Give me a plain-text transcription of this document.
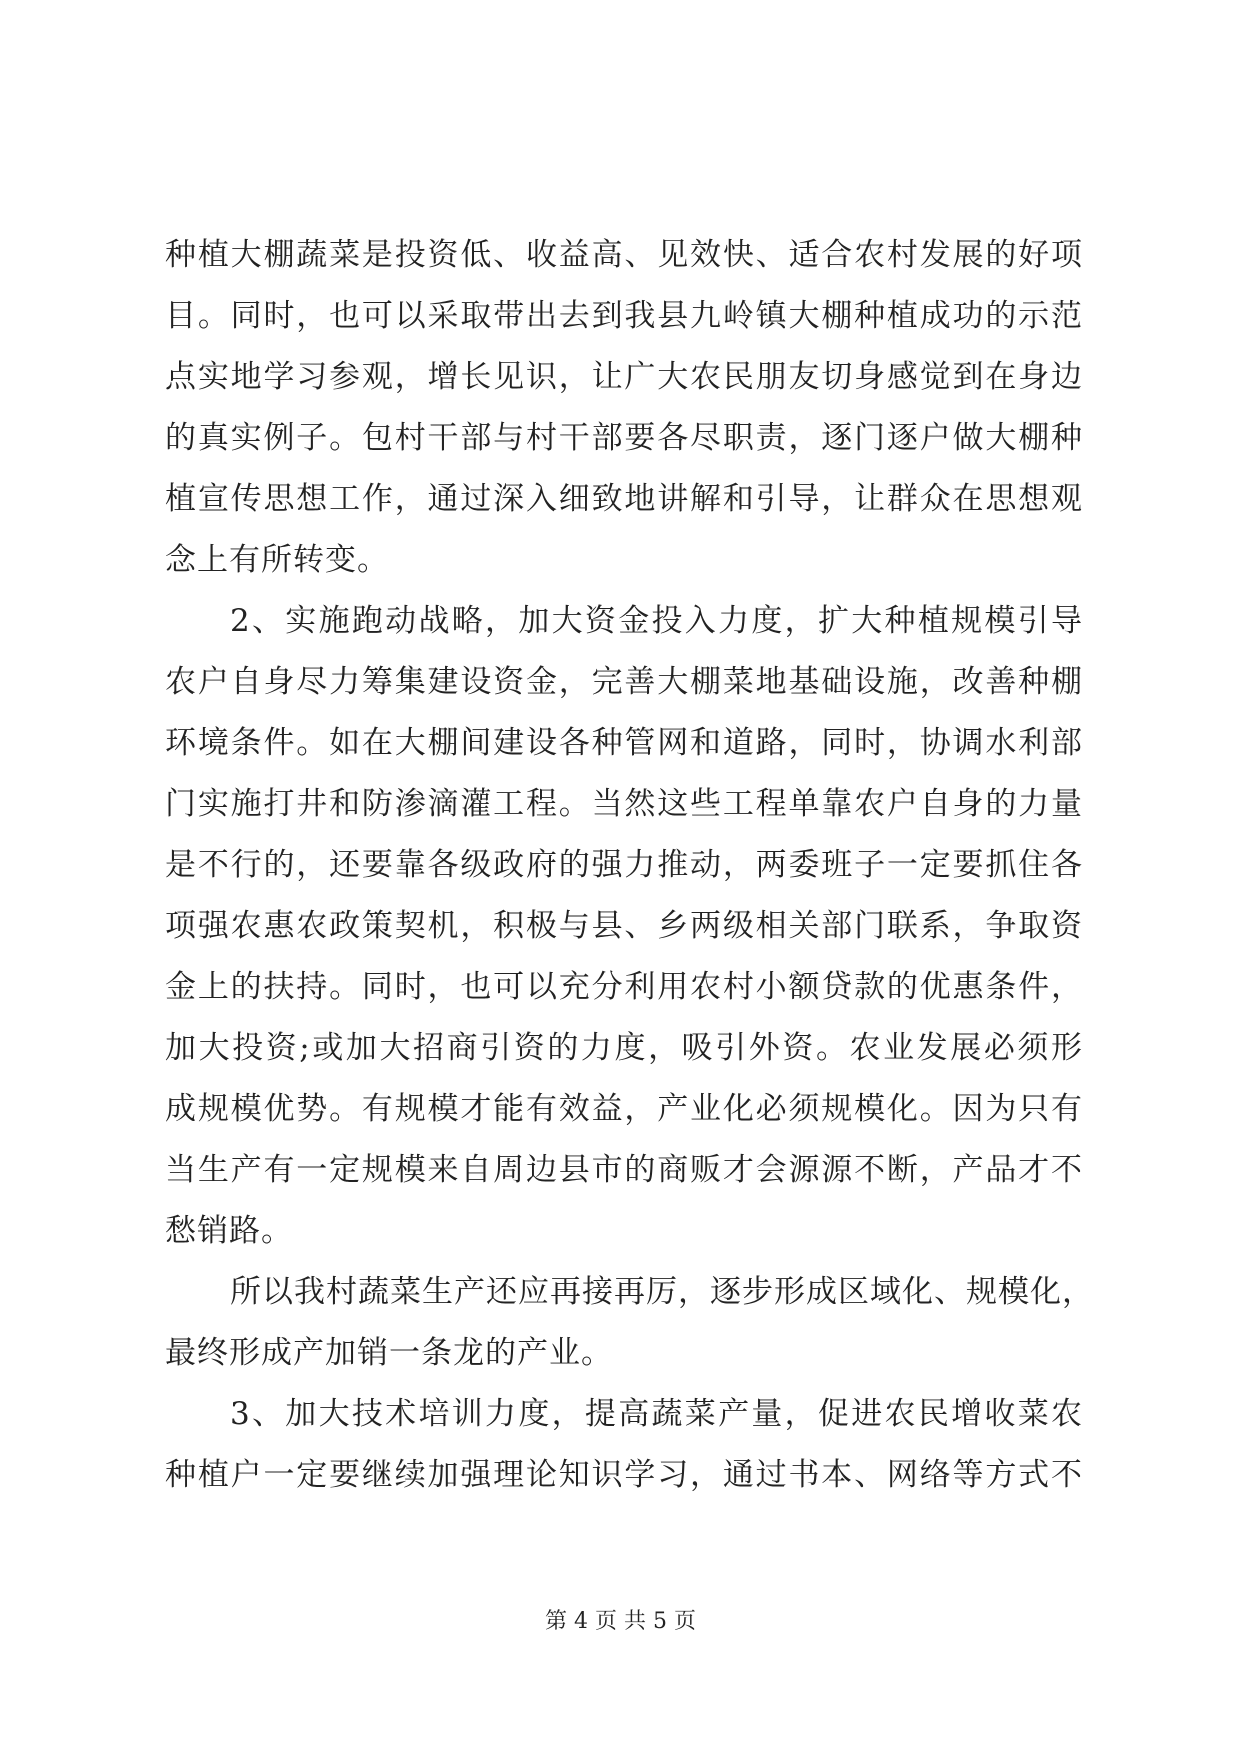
种植大棚蔬菜是投资低、收益高、见效快、适合农村发展的好项
目。同时，也可以采取带出去到我县九岭镇大棚种植成功的示范
点实地学习参观，增长见识，让广大农民朋友切身感觉到在身边
的真实例子。包村干部与村干部要各尽职责，逐门逐户做大棚种
植宣传思想工作，通过深入细致地讲解和引导，让群众在思想观
念上有所转变。
2、实施跑动战略，加大资金投入力度，扩大种植规模引导
农户自身尽力筹集建设资金，完善大棚菜地基础设施，改善种棚
环境条件。如在大棚间建设各种管网和道路，同时，协调水利部
门实施打井和防渗滴灌工程。当然这些工程单靠农户自身的力量
是不行的，还要靠各级政府的强力推动，两委班子一定要抓住各
项强农惠农政策契机，积极与县、乡两级相关部门联系，争取资
金上的扶持。同时，也可以充分利用农村小额贷款的优惠条件，
加大投资;或加大招商引资的力度，吸引外资。农业发展必须形
成规模优势。有规模才能有效益，产业化必须规模化。因为只有
当生产有一定规模来自周边县市的商贩才会源源不断，产品才不
愁销路。
所以我村蔬菜生产还应再接再厉，逐步形成区域化、规模化，
最终形成产加销一条龙的产业。
3、加大技术培训力度，提高蔬菜产量，促进农民增收菜农
种植户一定要继续加强理论知识学习，通过书本、网络等方式不
第 4 页 共 5 页
